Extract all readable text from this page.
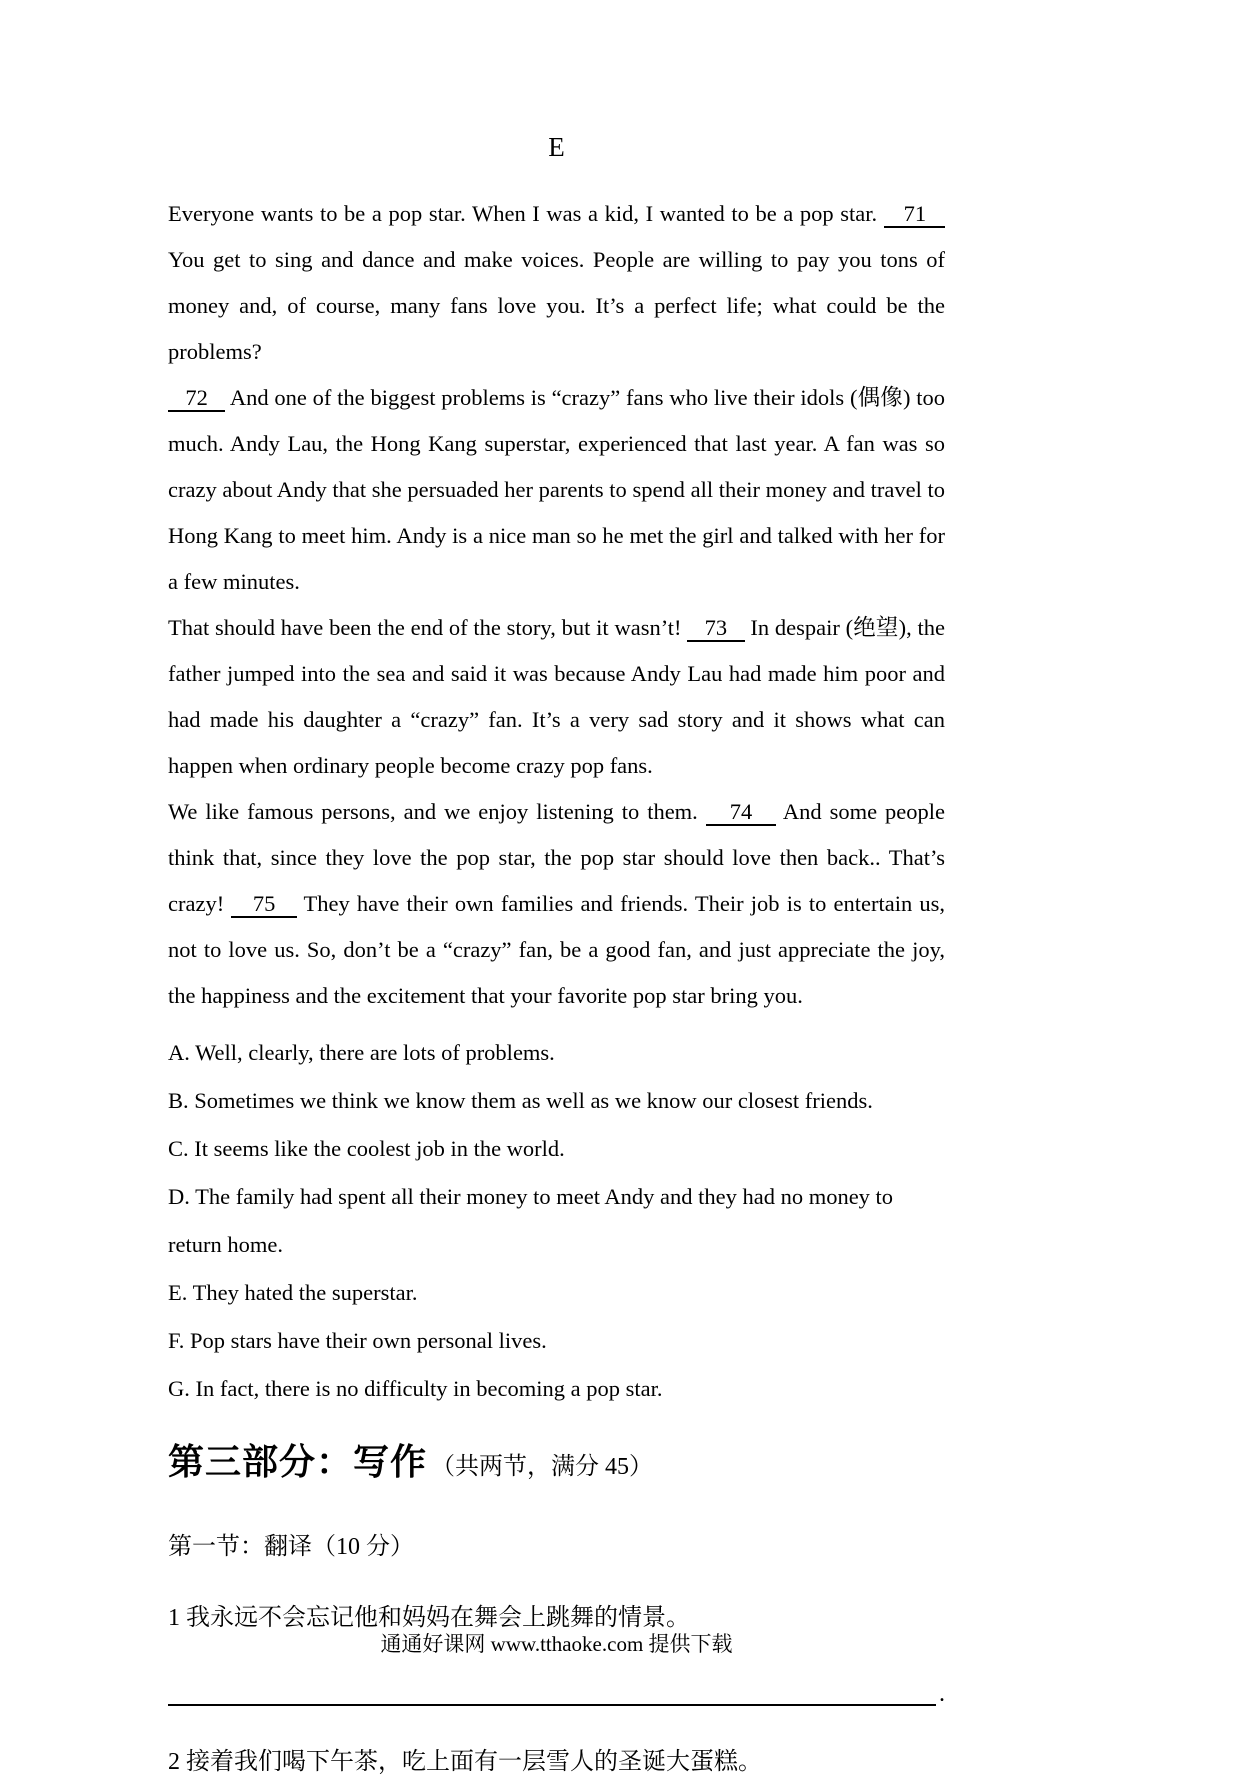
E

Everyone wants to be a pop star. When I was a kid, I wanted to be a pop star.    71    You get to sing and dance and make voices. People are willing to pay you tons of money and, of course, many fans love you. It’s a perfect life; what could be the problems?

72    And one of the biggest problems is “crazy” fans who live their idols (偶像) too much. Andy Lau, the Hong Kang superstar, experienced that last year. A fan was so crazy about Andy that she persuaded her parents to spend all their money and travel to Hong Kang to meet him. Andy is a nice man so he met the girl and talked with her for a few minutes.

That should have been the end of the story, but it wasn’t!    73    In despair (绝望), the father jumped into the sea and said it was because Andy Lau had made him poor and had made his daughter a “crazy” fan. It’s a very sad story and it shows what can happen when ordinary people become crazy pop fans.

We like famous persons, and we enjoy listening to them.    74    And some people think that, since they love the pop star, the pop star should love then back.. That’s crazy!    75    They have their own families and friends. Their job is to entertain us, not to love us. So, don’t be a “crazy” fan, be a good fan, and just appreciate the joy, the happiness and the excitement that your favorite pop star bring you.

A. Well, clearly, there are lots of problems.

B. Sometimes we think we know them as well as we know our closest friends.

C. It seems like the coolest job in the world.

D. The family had spent all their money to meet Andy and they had no money to return home.

E. They hated the superstar.

F. Pop stars have their own personal lives.

G. In fact, there is no difficulty in becoming a pop star.

第三部分：写作 （共两节，满分 45）

第一节：翻译（10 分）

1 我永远不会忘记他和妈妈在舞会上跳舞的情景。

.

2 接着我们喝下午茶，吃上面有一层雪人的圣诞大蛋糕。

通通好课网 www.tthaoke.com 提供下载
